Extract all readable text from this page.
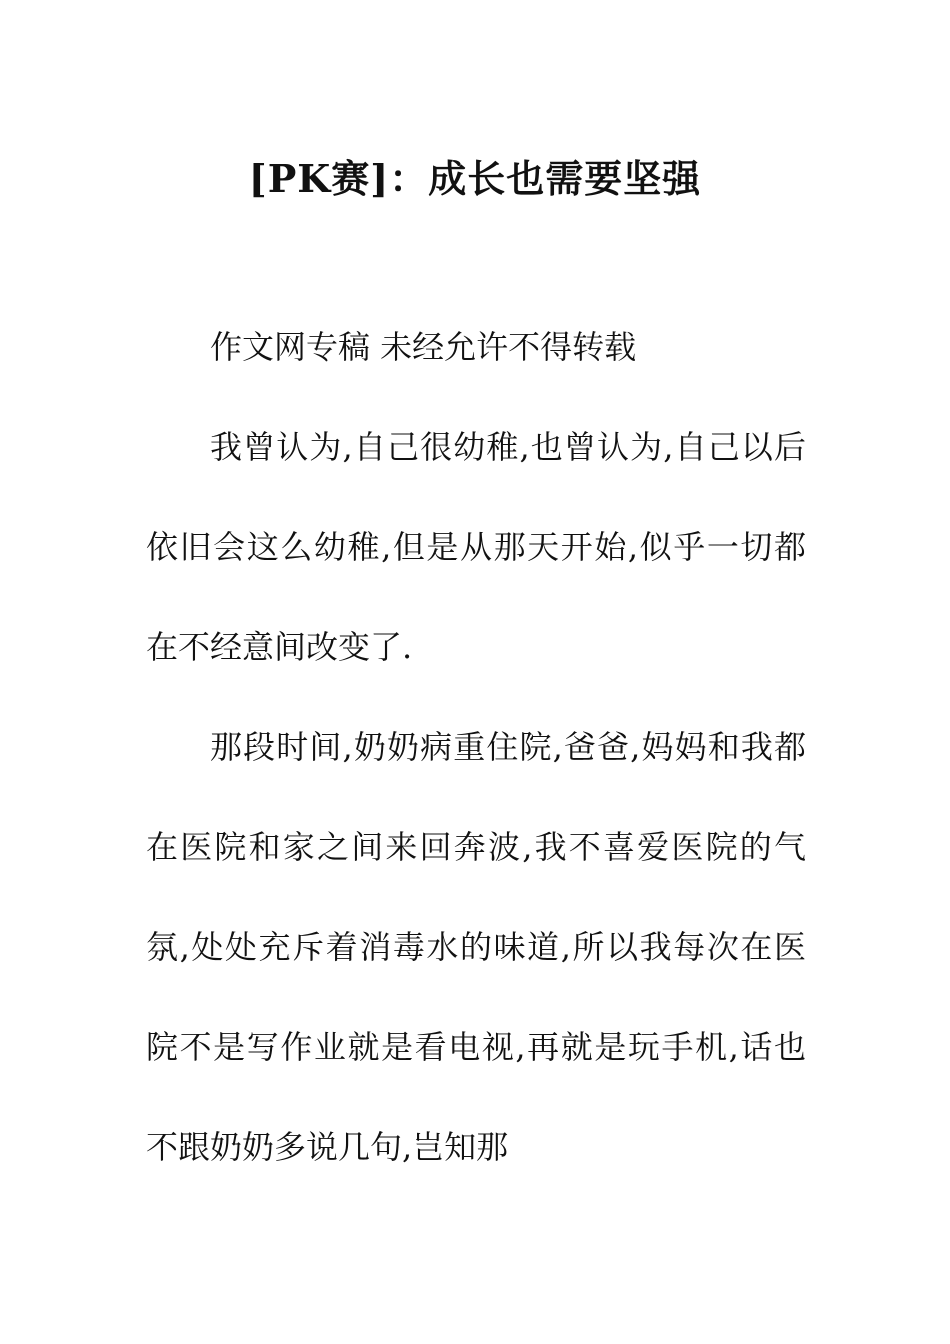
[PK赛]：成长也需要坚强

作文网专稿 未经允许不得转载

我曾认为,自己很幼稚,也曾认为,自己以后依旧会这么幼稚,但是从那天开始,似乎一切都在不经意间改变了.

那段时间,奶奶病重住院,爸爸,妈妈和我都在医院和家之间来回奔波,我不喜爱医院的气氛,处处充斥着消毒水的味道,所以我每次在医院不是写作业就是看电视,再就是玩手机,话也不跟奶奶多说几句,岂知那
